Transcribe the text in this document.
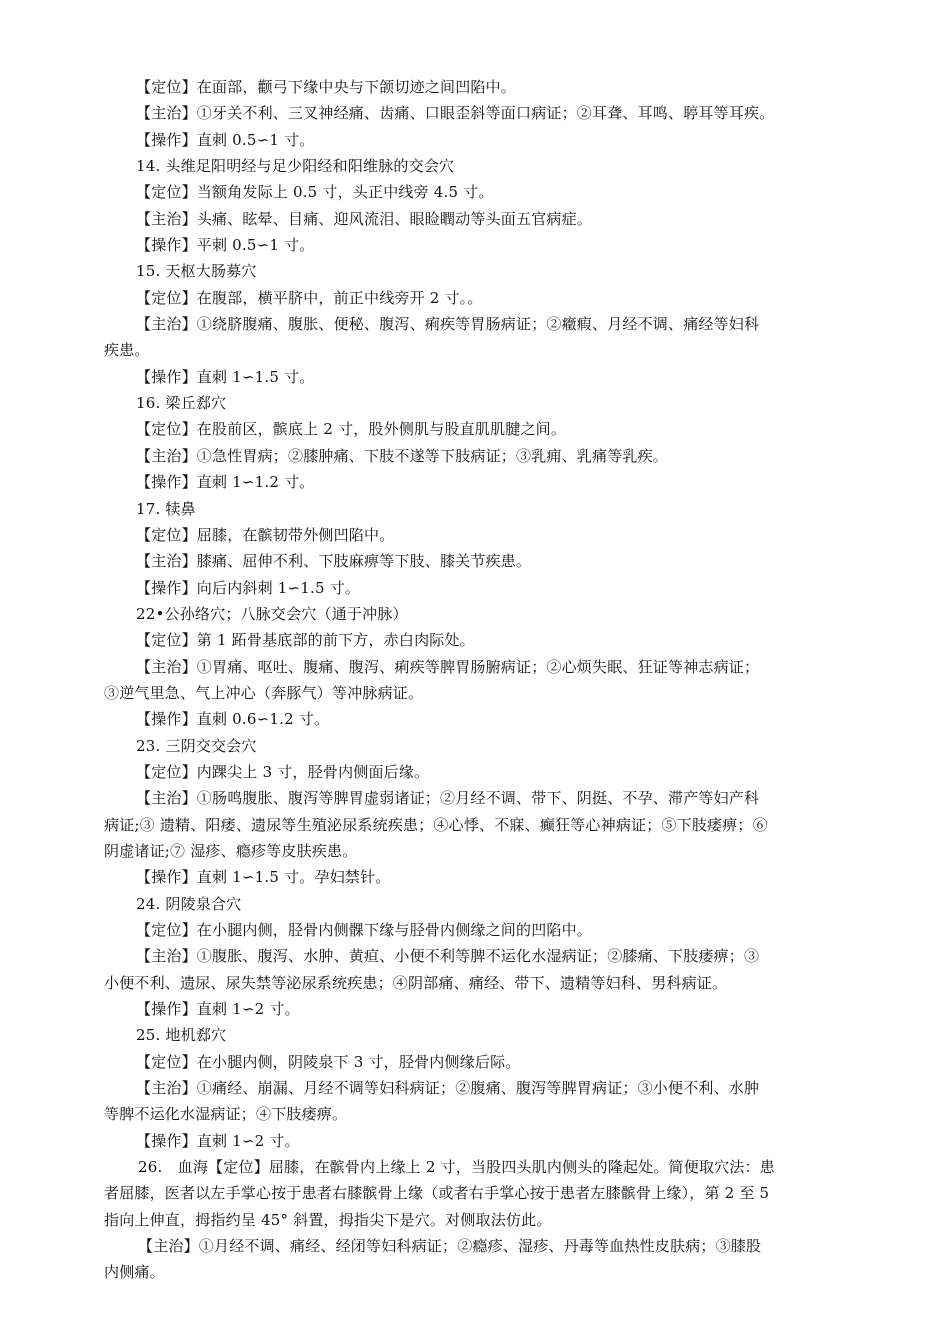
【定位】在面部，颧弓下缘中央与下颌切迹之间凹陷中。
【主治】①牙关不利、三叉神经痛、齿痛、口眼歪斜等面口病证；②耳聋、耳鸣、聤耳等耳疾。
【操作】直刺 0.5∽1 寸。
14. 头维足阳明经与足少阳经和阳维脉的交会穴
【定位】当额角发际上 0.5 寸，头正中线旁 4.5 寸。
【主治】头痛、眩晕、目痛、迎风流泪、眼睑瞤动等头面五官病症。
【操作】平刺 0.5∽1 寸。
15. 天枢大肠募穴
【定位】在腹部，横平脐中，前正中线旁开 2 寸。。
【主治】①绕脐腹痛、腹胀、便秘、腹泻、痢疾等胃肠病证；②癥瘕、月经不调、痛经等妇科
疾患。
【操作】直刺 1∽1.5 寸。
16. 梁丘郄穴
【定位】在股前区，髌底上 2 寸，股外侧肌与股直肌肌腱之间。
【主治】①急性胃病；②膝肿痛、下肢不遂等下肢病证；③乳痈、乳痛等乳疾。
【操作】直刺 1∽1.2 寸。
17. 犊鼻
【定位】屈膝，在髌韧带外侧凹陷中。
【主治】膝痛、屈伸不利、下肢麻痹等下肢、膝关节疾患。
【操作】向后内斜刺 1∽1.5 寸。
22•公孙络穴；八脉交会穴（通于冲脉）
【定位】第 1 跖骨基底部的前下方，赤白肉际处。
【主治】①胃痛、呕吐、腹痛、腹泻、痢疾等脾胃肠腑病证；②心烦失眠、狂证等神志病证；
③逆气里急、气上冲心（奔豚气）等冲脉病证。
【操作】直刺 0.6∽1.2 寸。
23. 三阴交交会穴
【定位】内踝尖上 3 寸，胫骨内侧面后缘。
【主治】①肠鸣腹胀、腹泻等脾胃虚弱诸证；②月经不调、带下、阴挺、不孕、滞产等妇产科
病证;③ 遗精、阳痿、遗尿等生殖泌尿系统疾患；④心悸、不寐、癫狂等心神病证；⑤下肢痿痹；⑥
阴虚诸证;⑦ 湿疹、瘾疹等皮肤疾患。
【操作】直刺 1∽1.5 寸。孕妇禁针。
24. 阴陵泉合穴
【定位】在小腿内侧，胫骨内侧髁下缘与胫骨内侧缘之间的凹陷中。
【主治】①腹胀、腹泻、水肿、黄疸、小便不利等脾不运化水湿病证；②膝痛、下肢痿痹；③
小便不利、遗尿、尿失禁等泌尿系统疾患；④阴部痛、痛经、带下、遗精等妇科、男科病证。
【操作】直刺 1∽2 寸。
25. 地机郄穴
【定位】在小腿内侧，阴陵泉下 3 寸，胫骨内侧缘后际。
【主治】①痛经、崩漏、月经不调等妇科病证；②腹痛、腹泻等脾胃病证；③小便不利、水肿
等脾不运化水湿病证；④下肢痿痹。
【操作】直刺 1∽2 寸。
26.　血海【定位】屈膝，在髌骨内上缘上 2 寸，当股四头肌内侧头的隆起处。简便取穴法：患
者屈膝，医者以左手掌心按于患者右膝髌骨上缘（或者右手掌心按于患者左膝髌骨上缘），第 2 至 5
指向上伸直，拇指约呈 45° 斜置，拇指尖下是穴。对侧取法仿此。
【主治】①月经不调、痛经、经闭等妇科病证；②瘾疹、湿疹、丹毒等血热性皮肤病；③膝股
内侧痛。
